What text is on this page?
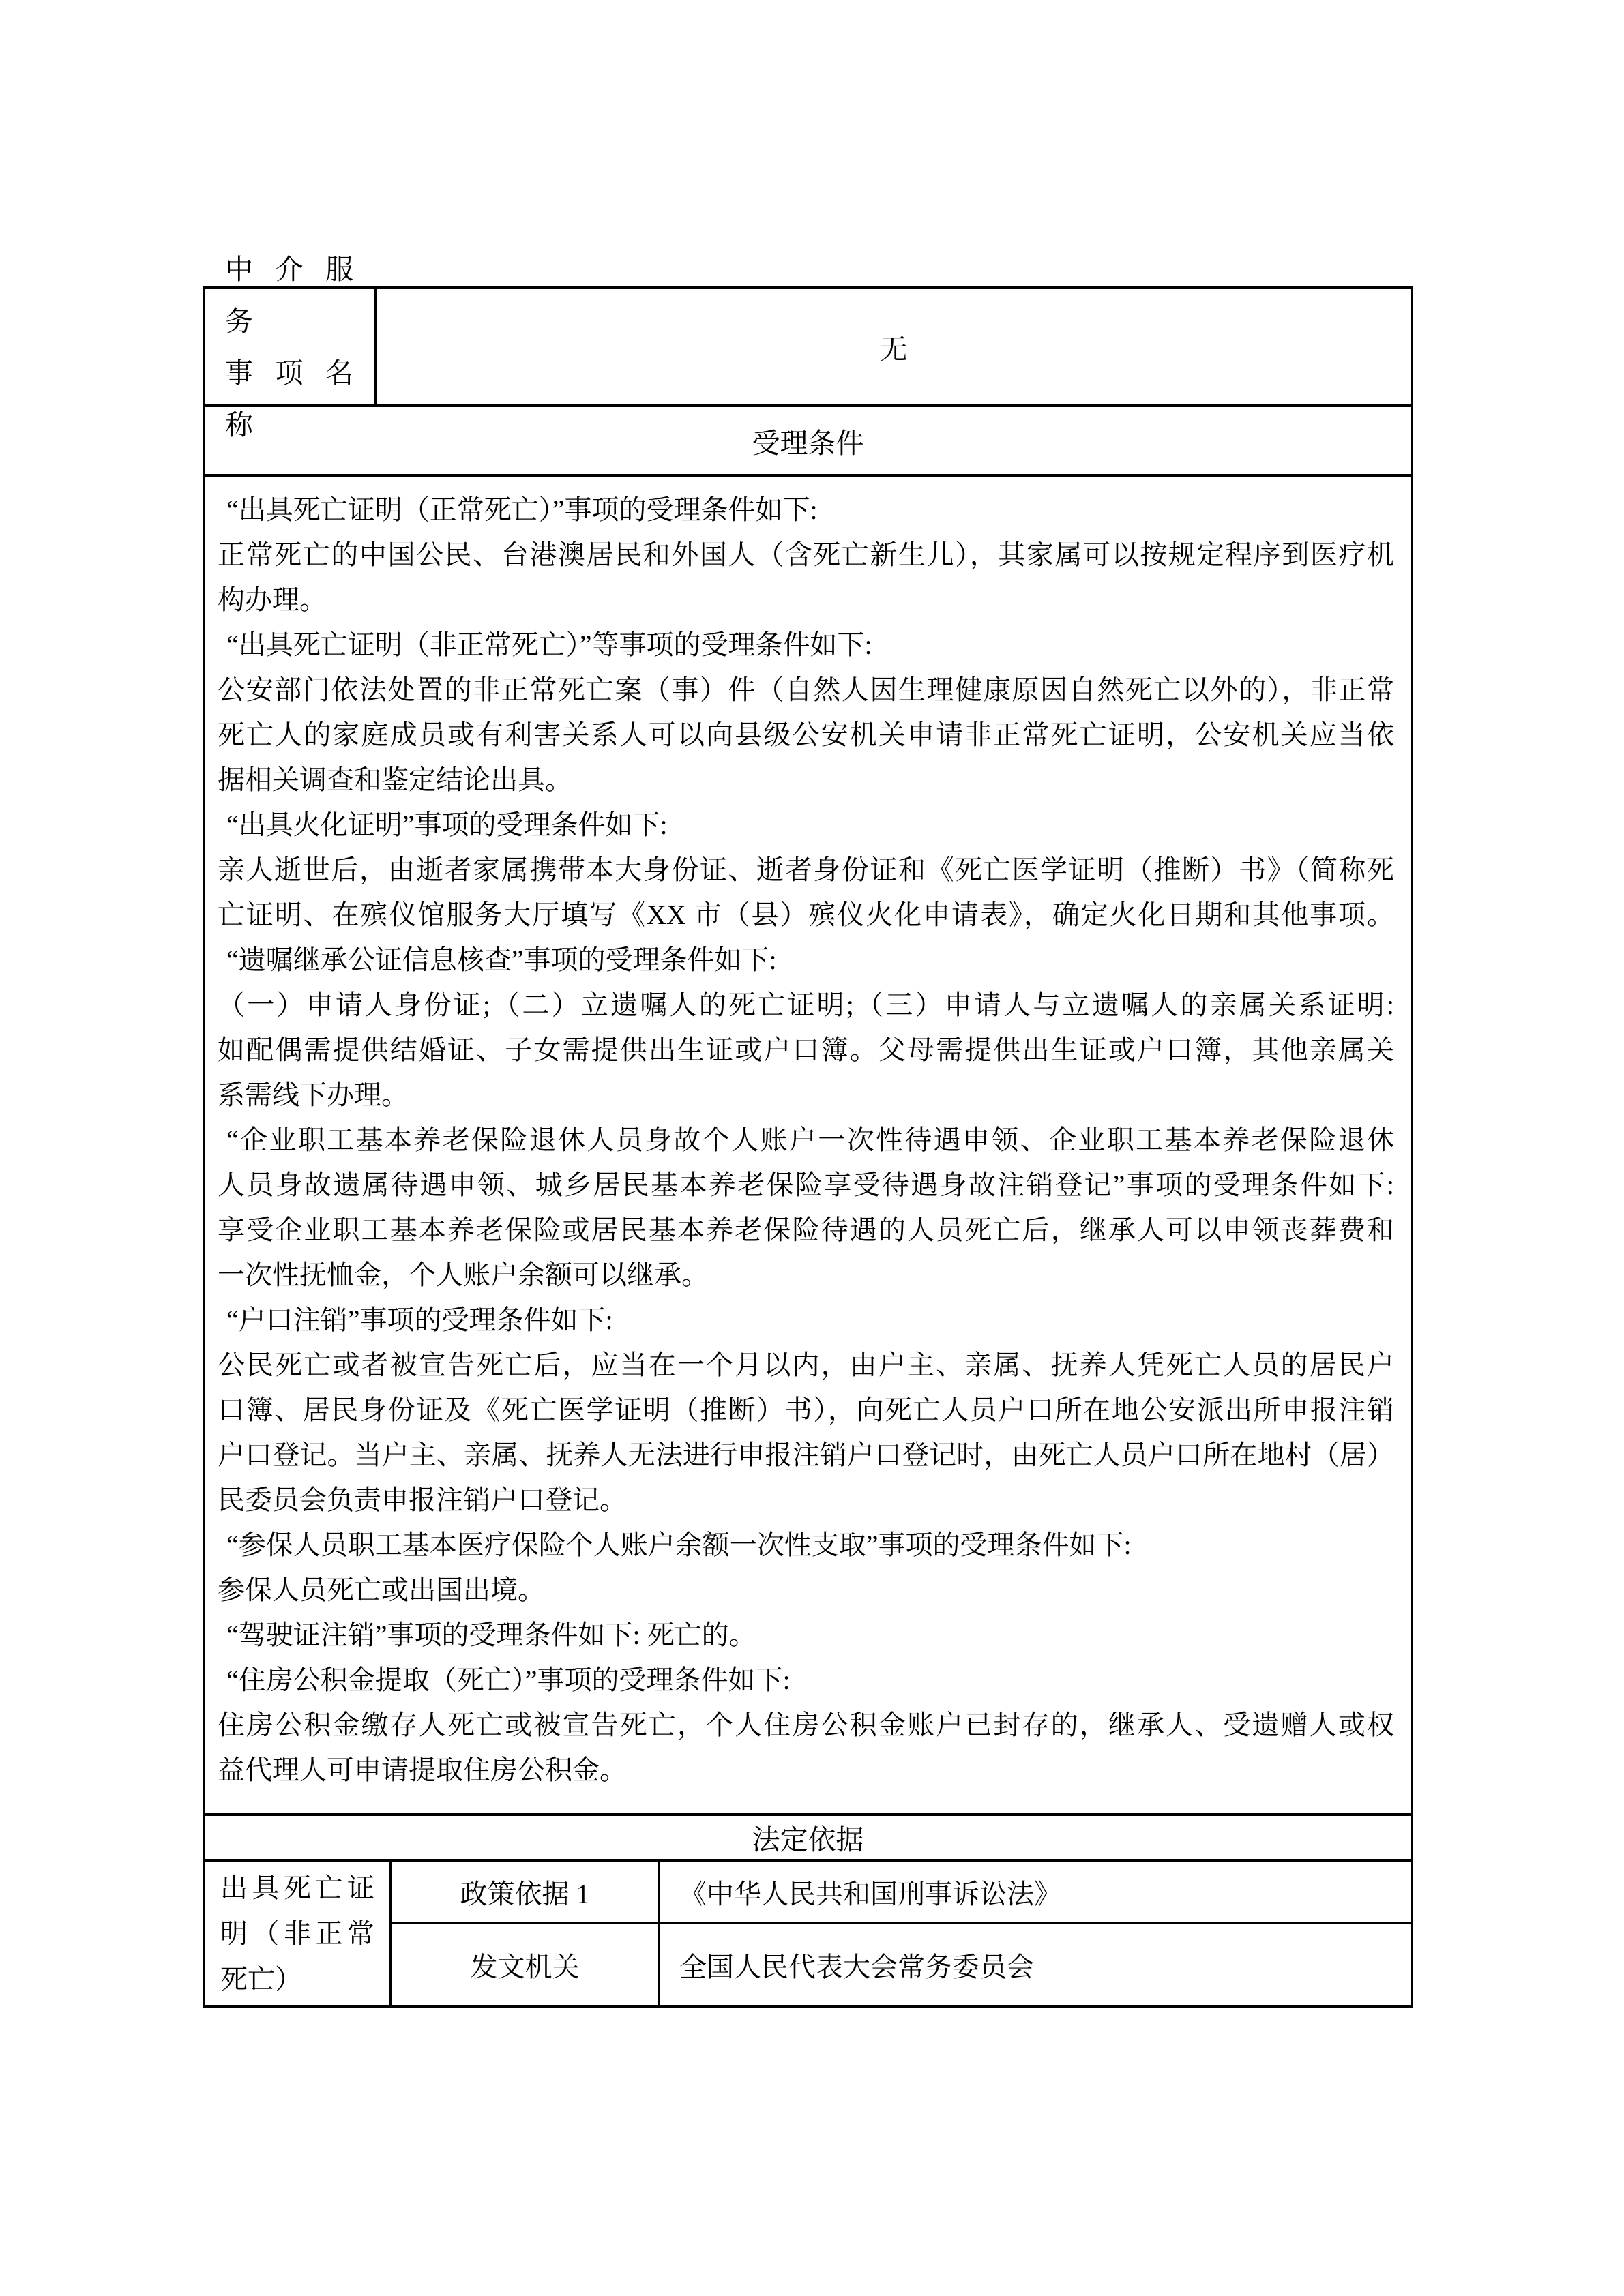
中 介 服 务
事 项 名 称
无
受理条件
“出具死亡证明（正常死亡）”事项的受理条件如下:
正常死亡的中国公民、台港澳居民和外国人（含死亡新生儿），其家属可以按规定程序到医疗机
构办理。
“出具死亡证明（非正常死亡）”等事项的受理条件如下:
公安部门依法处置的非正常死亡案（事）件（自然人因生理健康原因自然死亡以外的），非正常
死亡人的家庭成员或有利害关系人可以向县级公安机关申请非正常死亡证明，公安机关应当依
据相关调查和鉴定结论出具。
“出具火化证明”事项的受理条件如下:
亲人逝世后，由逝者家属携带本大身份证、逝者身份证和《死亡医学证明（推断）书》（简称死
亡证明、在殡仪馆服务大厅填写《XX 市（县）殡仪火化申请表》，确定火化日期和其他事项。
“遗嘱继承公证信息核查”事项的受理条件如下:
（一）申请人身份证;（二）立遗嘱人的死亡证明;（三）申请人与立遗嘱人的亲属关系证明:
如配偶需提供结婚证、子女需提供出生证或户口簿。父母需提供出生证或户口簿，其他亲属关
系需线下办理。
“企业职工基本养老保险退休人员身故个人账户一次性待遇申领、企业职工基本养老保险退休
人员身故遗属待遇申领、城乡居民基本养老保险享受待遇身故注销登记”事项的受理条件如下:
享受企业职工基本养老保险或居民基本养老保险待遇的人员死亡后，继承人可以申领丧葬费和
一次性抚恤金，个人账户余额可以继承。
“户口注销”事项的受理条件如下:
公民死亡或者被宣告死亡后，应当在一个月以内，由户主、亲属、抚养人凭死亡人员的居民户
口簿、居民身份证及《死亡医学证明（推断）书），向死亡人员户口所在地公安派出所申报注销
户口登记。当户主、亲属、抚养人无法进行申报注销户口登记时，由死亡人员户口所在地村（居）
民委员会负责申报注销户口登记。
“参保人员职工基本医疗保险个人账户余额一次性支取”事项的受理条件如下:
参保人员死亡或出国出境。
“驾驶证注销”事项的受理条件如下: 死亡的。
“住房公积金提取（死亡）”事项的受理条件如下:
住房公积金缴存人死亡或被宣告死亡，个人住房公积金账户已封存的，继承人、受遗赠人或权
益代理人可申请提取住房公积金。
法定依据
出具死亡证明（非正常死亡）
政策依据 1	《中华人民共和国刑事诉讼法》
发文机关	全国人民代表大会常务委员会
